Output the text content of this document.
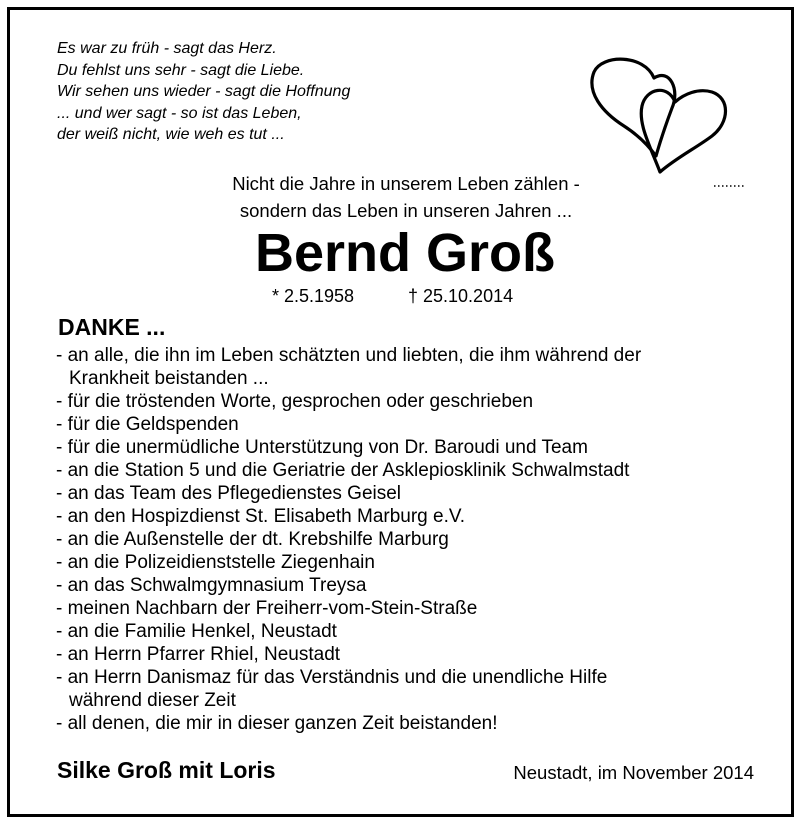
Es war zu früh - sagt das Herz.
Du fehlst uns sehr - sagt die Liebe.
Wir sehen uns wieder - sagt die Hoffnung
... und wer sagt - so ist das Leben,
der weiß nicht, wie weh es tut ...
Nicht die Jahre in unserem Leben zählen -
sondern das Leben in unseren Jahren ...
Bernd Groß
* 2.5.1958	† 25.10.2014
DANKE ...
- an alle, die ihn im Leben schätzten und liebten, die ihm während der
Krankheit beistanden ...
- für die tröstenden Worte, gesprochen oder geschrieben
- für die Geldspenden
- für die unermüdliche Unterstützung von Dr. Baroudi und Team
- an die Station 5 und die Geriatrie der Asklepiosklinik Schwalmstadt
- an das Team des Pflegedienstes Geisel
- an den Hospizdienst St. Elisabeth Marburg e.V.
- an die Außenstelle der dt. Krebshilfe Marburg
- an die Polizeidienststelle Ziegenhain
- an das Schwalmgymnasium Treysa
- meinen Nachbarn der Freiherr-vom-Stein-Straße
- an die Familie Henkel, Neustadt
- an Herrn Pfarrer Rhiel, Neustadt
- an Herrn Danismaz für das Verständnis und die unendliche Hilfe
während dieser Zeit
- all denen, die mir in dieser ganzen Zeit beistanden!
Silke Groß mit Loris	Neustadt, im November 2014
